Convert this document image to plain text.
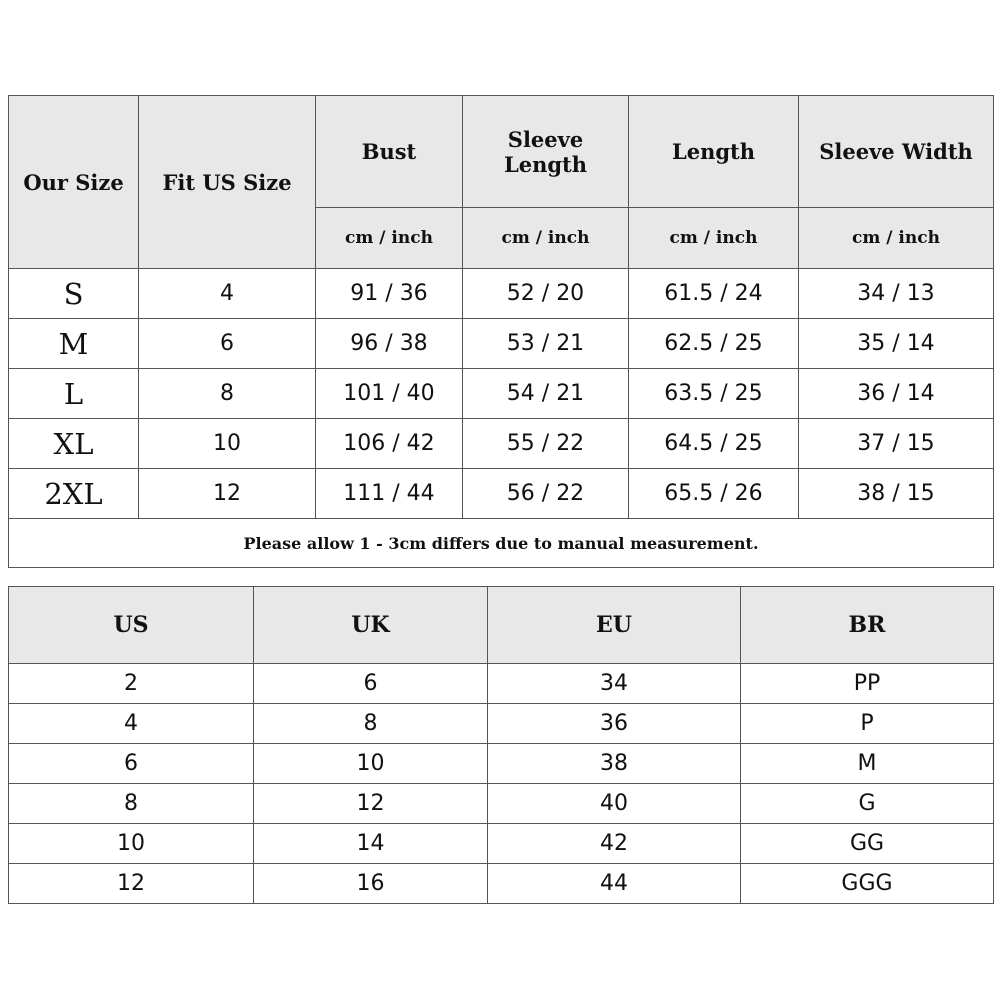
Our Size	Fit US Size	Bust	Sleeve Length	Length	Sleeve Width
		cm / inch	cm / inch	cm / inch	cm / inch
S	4	91 / 36	52 / 20	61.5 / 24	34 / 13
M	6	96 / 38	53 / 21	62.5 / 25	35 / 14
L	8	101 / 40	54 / 21	63.5 / 25	36 / 14
XL	10	106 / 42	55 / 22	64.5 / 25	37 / 15
2XL	12	111 / 44	56 / 22	65.5 / 26	38 / 15
Please allow 1 - 3cm differs due to manual measurement.					
US	UK	EU	BR
2	6	34	PP
4	8	36	P
6	10	38	M
8	12	40	G
10	14	42	GG
12	16	44	GGG
